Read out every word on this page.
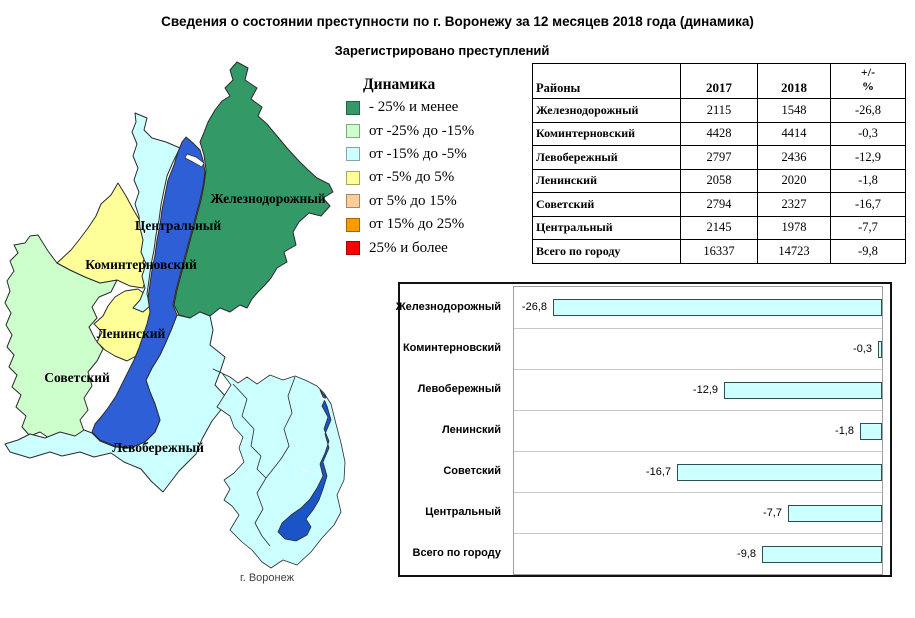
Сведения о состоянии преступности по г. Воронежу за 12 месяцев 2018 года (динамика)
Зарегистрировано преступлений
Динамика
- 25% и менее
от -25% до -15%
от -15% до -5%
от -5% до 5%
от 5% до 15%
от 15% до 25%
25% и более
Железнодорожный
Центральный
Коминтерновский
Ленинский
Советский
Левобережный
г. Воронеж
Районы	2017	2018	+/-
%

Железнодорожный	2115	1548	-26,8
Коминтерновский	4428	4414	-0,3
Левобережный	2797	2436	-12,9
Ленинский	2058	2020	-1,8
Советский	2794	2327	-16,7
Центральный	2145	1978	-7,7
Всего по городу	16337	14723	-9,8
Железнодорожный
Коминтерновский
Левобережный
Ленинский
Советский
Центральный
Всего по городу
-26,8
-0,3
-12,9
-1,8
-16,7
-7,7
-9,8
